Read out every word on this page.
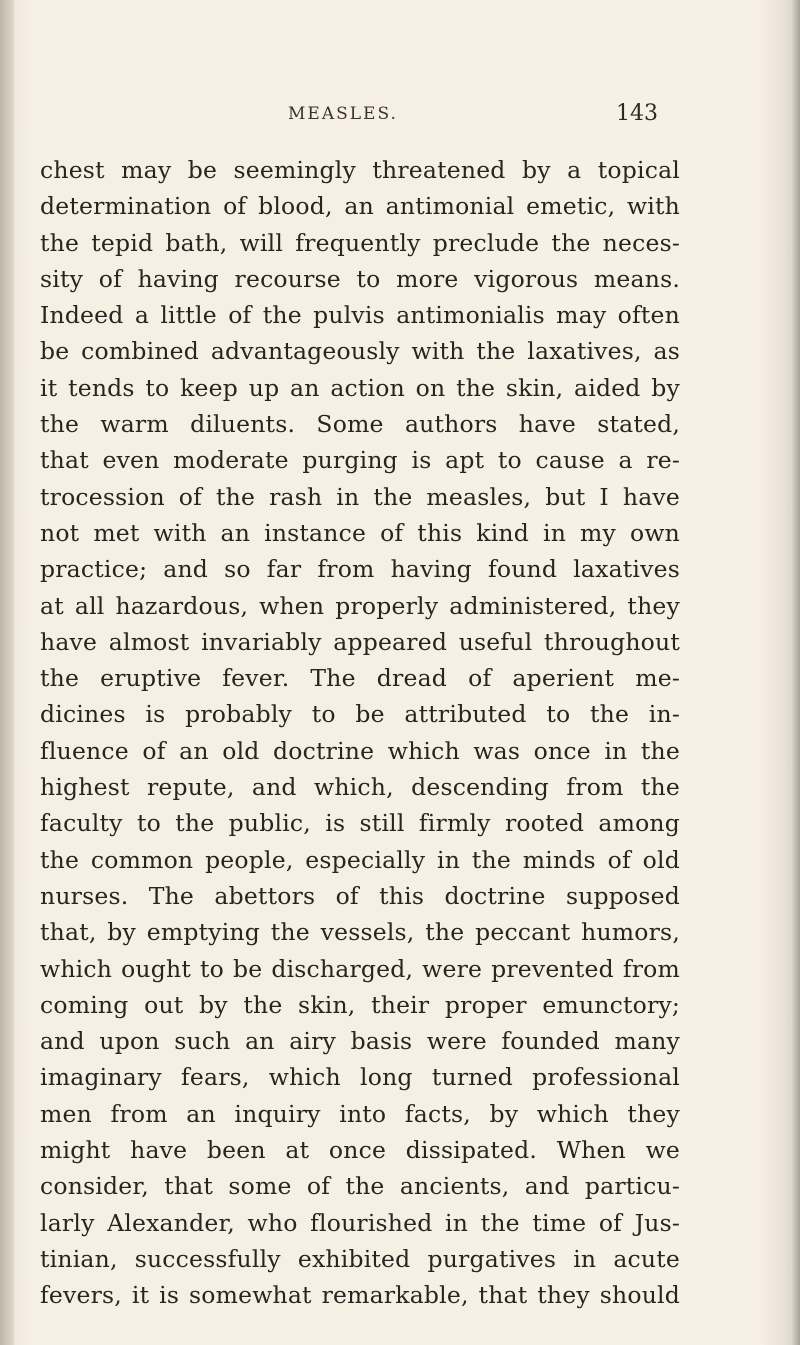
MEASLES.	143
chest may be seemingly threatened by a topical
determination of blood, an antimonial emetic, with
the tepid bath, will frequently preclude the neces-
sity of having recourse to more vigorous means.
Indeed a little of the pulvis antimonialis may often
be combined advantageously with the laxatives, as
it tends to keep up an action on the skin, aided by
the warm diluents. Some authors have stated,
that even moderate purging is apt to cause a re-
trocession of the rash in the measles, but I have
not met with an instance of this kind in my own
practice; and so far from having found laxatives
at all hazardous, when properly administered, they
have almost invariably appeared useful throughout
the eruptive fever. The dread of aperient me-
dicines is probably to be attributed to the in-
fluence of an old doctrine which was once in the
highest repute, and which, descending from the
faculty to the public, is still firmly rooted among
the common people, especially in the minds of old
nurses. The abettors of this doctrine supposed
that, by emptying the vessels, the peccant humors,
which ought to be discharged, were prevented from
coming out by the skin, their proper emunctory;
and upon such an airy basis were founded many
imaginary fears, which long turned professional
men from an inquiry into facts, by which they
might have been at once dissipated. When we
consider, that some of the ancients, and particu-
larly Alexander, who flourished in the time of Jus-
tinian, successfully exhibited purgatives in acute
fevers, it is somewhat remarkable, that they should
